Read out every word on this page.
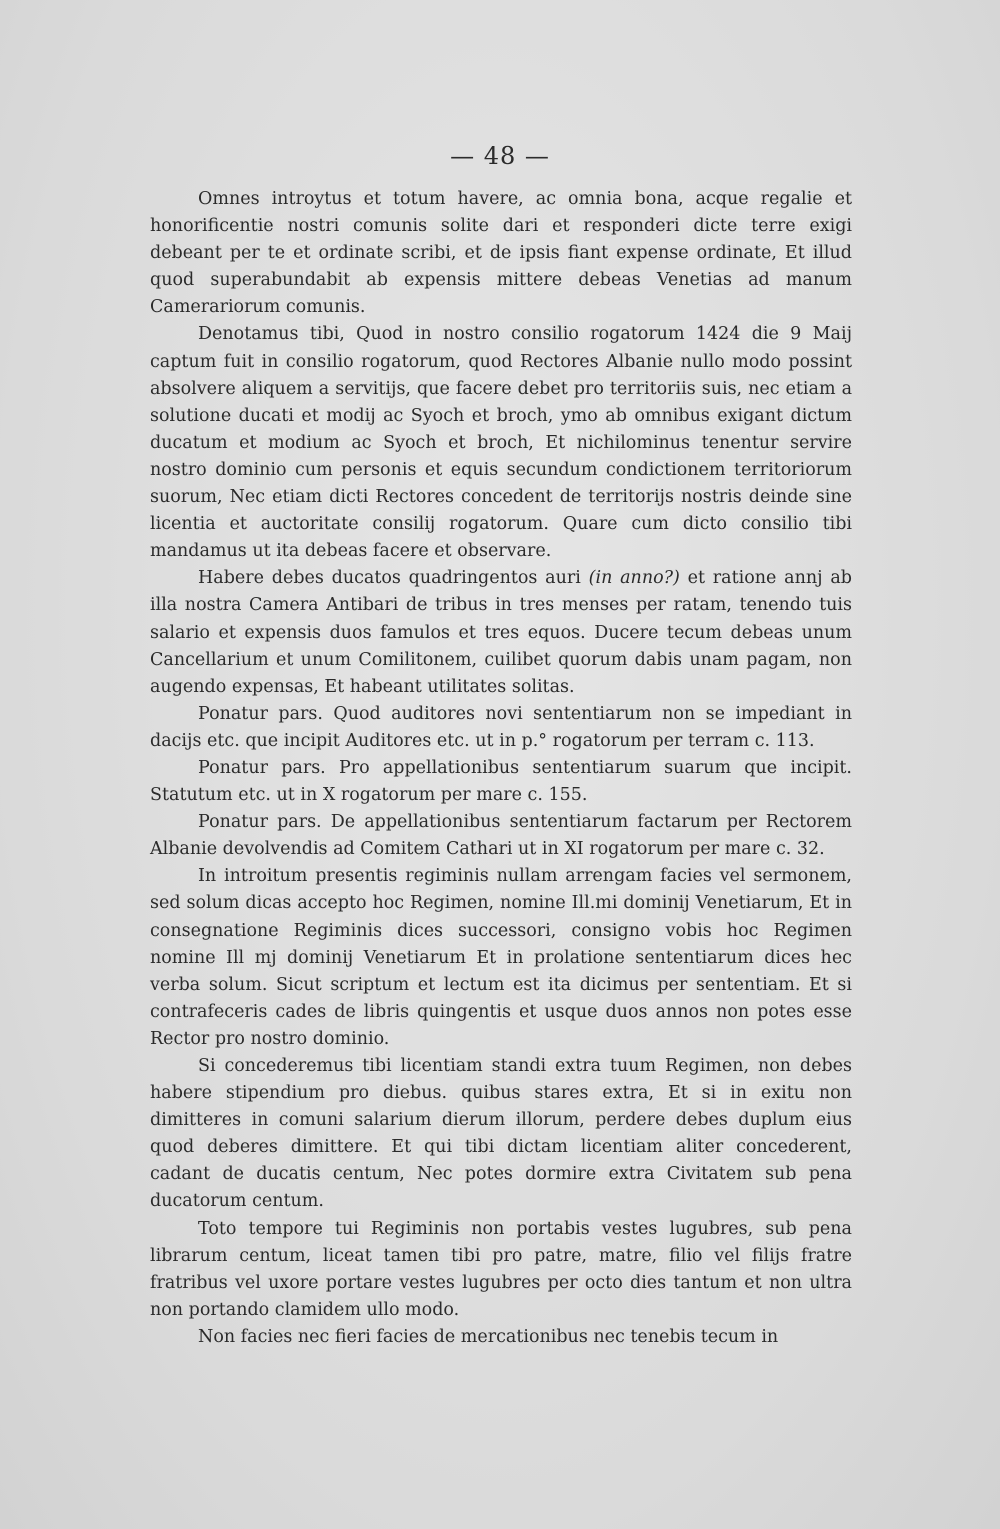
— 48 —

Omnes introytus et totum havere, ac omnia bona, acque regalie et honorificentie nostri comunis solite dari et responderi dicte terre exigi debeant per te et ordinate scribi, et de ipsis fiant expense ordinate, Et illud quod superabundabit ab expensis mittere debeas Venetias ad manum Camerariorum comunis.

Denotamus tibi, Quod in nostro consilio rogatorum 1424 die 9 Maij captum fuit in consilio rogatorum, quod Rectores Albanie nullo modo possint absolvere aliquem a servitijs, que facere debet pro territoriis suis, nec etiam a solutione ducati et modij ac Syoch et broch, ymo ab omnibus exigant dictum ducatum et modium ac Syoch et broch, Et nichilominus tenentur servire nostro dominio cum personis et equis secundum condictionem territoriorum suorum, Nec etiam dicti Rectores concedent de territorijs nostris deinde sine licentia et auctoritate consilij rogatorum. Quare cum dicto consilio tibi mandamus ut ita debeas facere et observare.

Habere debes ducatos quadringentos auri (in anno?) et ratione annj ab illa nostra Camera Antibari de tribus in tres menses per ratam, tenendo tuis salario et expensis duos famulos et tres equos. Ducere tecum debeas unum Cancellarium et unum Comilitonem, cuilibet quorum dabis unam pagam, non augendo expensas, Et habeant utilitates solitas.

Ponatur pars. Quod auditores novi sententiarum non se impediant in dacijs etc. que incipit Auditores etc. ut in p.° rogatorum per terram c. 113.

Ponatur pars. Pro appellationibus sententiarum suarum que incipit. Statutum etc. ut in X rogatorum per mare c. 155.

Ponatur pars. De appellationibus sententiarum factarum per Rectorem Albanie devolvendis ad Comitem Cathari ut in XI rogatorum per mare c. 32.

In introitum presentis regiminis nullam arrengam facies vel sermonem, sed solum dicas accepto hoc Regimen, nomine Ill.mi dominij Venetiarum, Et in consegnatione Regiminis dices successori, consigno vobis hoc Regimen nomine Ill mj dominij Venetiarum Et in prolatione sententiarum dices hec verba solum. Sicut scriptum et lectum est ita dicimus per sententiam. Et si contrafeceris cades de libris quingentis et usque duos annos non potes esse Rector pro nostro dominio.

Si concederemus tibi licentiam standi extra tuum Regimen, non debes habere stipendium pro diebus. quibus stares extra, Et si in exitu non dimitteres in comuni salarium dierum illorum, perdere debes duplum eius quod deberes dimittere. Et qui tibi dictam licentiam aliter concederent, cadant de ducatis centum, Nec potes dormire extra Civitatem sub pena ducatorum centum.

Toto tempore tui Regiminis non portabis vestes lugubres, sub pena librarum centum, liceat tamen tibi pro patre, matre, filio vel filijs fratre fratribus vel uxore portare vestes lugubres per octo dies tantum et non ultra non portando clamidem ullo modo.

Non facies nec fieri facies de mercationibus nec tenebis tecum in
